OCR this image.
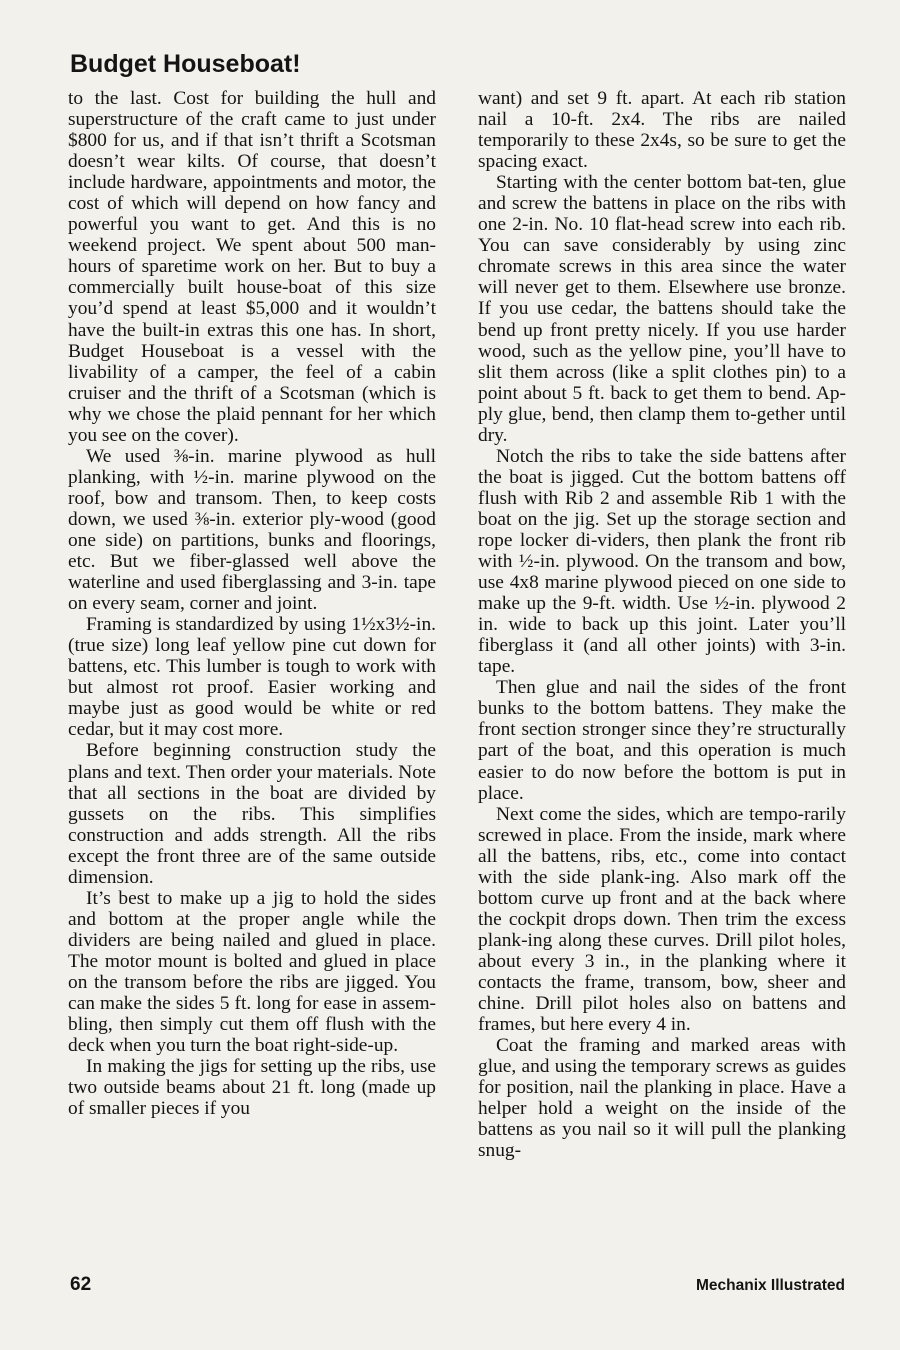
Budget Houseboat!

to the last. Cost for building the hull and superstructure of the craft came to just under $800 for us, and if that isn’t thrift a Scotsman doesn’t wear kilts. Of course, that doesn’t include hardware, appointments and motor, the cost of which will depend on how fancy and powerful you want to get. And this is no weekend project. We spent about 500 man-hours of sparetime work on her. But to buy a commercially built house-boat of this size you’d spend at least $5,000 and it wouldn’t have the built-in extras this one has. In short, Budget Houseboat is a vessel with the livability of a camper, the feel of a cabin cruiser and the thrift of a Scotsman (which is why we chose the plaid pennant for her which you see on the cover).

We used ⅜-in. marine plywood as hull planking, with ½-in. marine plywood on the roof, bow and transom. Then, to keep costs down, we used ⅜-in. exterior ply-wood (good one side) on partitions, bunks and floorings, etc. But we fiber-glassed well above the waterline and used fiberglassing and 3-in. tape on every seam, corner and joint.

Framing is standardized by using 1½x3½-in. (true size) long leaf yellow pine cut down for battens, etc. This lumber is tough to work with but almost rot proof. Easier working and maybe just as good would be white or red cedar, but it may cost more.

Before beginning construction study the plans and text. Then order your materials. Note that all sections in the boat are divided by gussets on the ribs. This simplifies construction and adds strength. All the ribs except the front three are of the same outside dimension.

It’s best to make up a jig to hold the sides and bottom at the proper angle while the dividers are being nailed and glued in place. The motor mount is bolted and glued in place on the transom before the ribs are jigged. You can make the sides 5 ft. long for ease in assem-bling, then simply cut them off flush with the deck when you turn the boat right-side-up.

In making the jigs for setting up the ribs, use two outside beams about 21 ft. long (made up of smaller pieces if you

want) and set 9 ft. apart. At each rib station nail a 10-ft. 2x4. The ribs are nailed temporarily to these 2x4s, so be sure to get the spacing exact.

Starting with the center bottom bat-ten, glue and screw the battens in place on the ribs with one 2-in. No. 10 flat-head screw into each rib. You can save considerably by using zinc chromate screws in this area since the water will never get to them. Elsewhere use bronze. If you use cedar, the battens should take the bend up front pretty nicely. If you use harder wood, such as the yellow pine, you’ll have to slit them across (like a split clothes pin) to a point about 5 ft. back to get them to bend. Ap-ply glue, bend, then clamp them to-gether until dry.

Notch the ribs to take the side battens after the boat is jigged. Cut the bottom battens off flush with Rib 2 and assemble Rib 1 with the boat on the jig. Set up the storage section and rope locker di-viders, then plank the front rib with ½-in. plywood. On the transom and bow, use 4x8 marine plywood pieced on one side to make up the 9-ft. width. Use ½-in. plywood 2 in. wide to back up this joint. Later you’ll fiberglass it (and all other joints) with 3-in. tape.

Then glue and nail the sides of the front bunks to the bottom battens. They make the front section stronger since they’re structurally part of the boat, and this operation is much easier to do now before the bottom is put in place.

Next come the sides, which are tempo-rarily screwed in place. From the inside, mark where all the battens, ribs, etc., come into contact with the side plank-ing. Also mark off the bottom curve up front and at the back where the cockpit drops down. Then trim the excess plank-ing along these curves. Drill pilot holes, about every 3 in., in the planking where it contacts the frame, transom, bow, sheer and chine. Drill pilot holes also on battens and frames, but here every 4 in.

Coat the framing and marked areas with glue, and using the temporary screws as guides for position, nail the planking in place. Have a helper hold a weight on the inside of the battens as you nail so it will pull the planking snug-

62	Mechanix Illustrated
